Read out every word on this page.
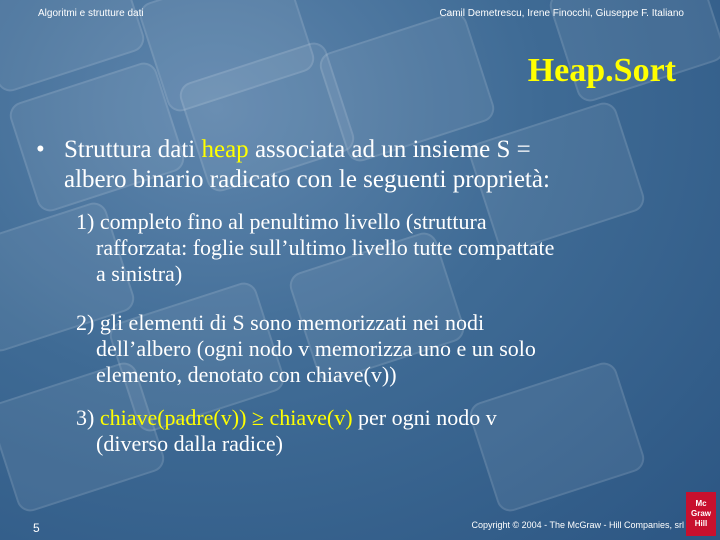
Algoritmi e strutture dati	Camil Demetrescu, Irene Finocchi, Giuseppe F. Italiano
Heap.Sort
• Struttura dati heap associata ad un insieme S =
albero binario radicato con le seguenti proprietà:
1) completo fino al penultimo livello (struttura
rafforzata: foglie sull’ultimo livello tutte compattate
a sinistra)
2) gli elementi di S sono memorizzati nei nodi
dell’albero (ogni nodo v memorizza uno e un solo
elemento, denotato con chiave(v))
3) chiave(padre(v)) ≥ chiave(v) per ogni nodo v
(diverso dalla radice)
5	Copyright © 2004 - The McGraw - Hill Companies, srl
Mc
Graw
Hill
